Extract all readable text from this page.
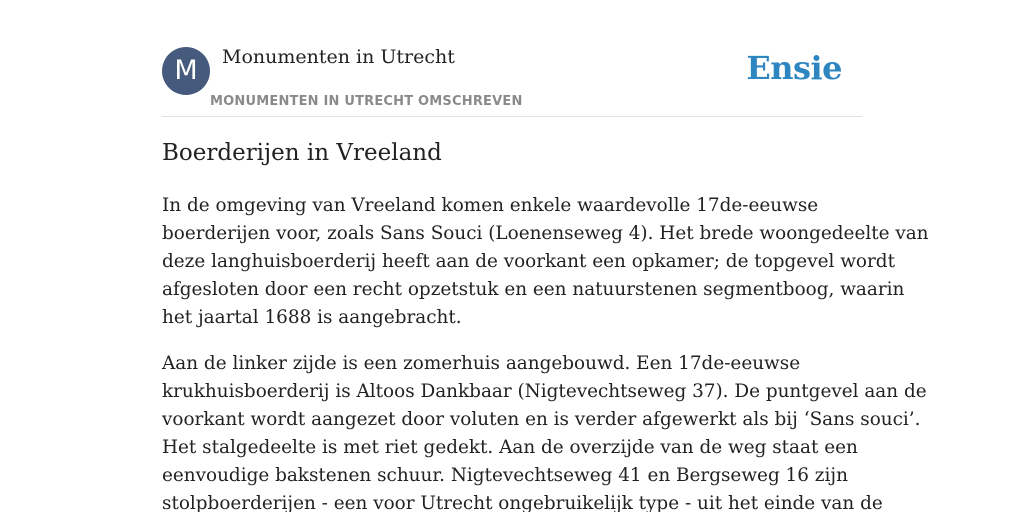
M	Monumenten in Utrecht
MONUMENTEN IN UTRECHT OMSCHREVEN
Ensie
Boerderijen in Vreeland

In de omgeving van Vreeland komen enkele waardevolle 17de-eeuwse
boerderijen voor, zoals Sans Souci (Loenenseweg 4). Het brede woongedeelte van
deze langhuisboerderij heeft aan de voorkant een opkamer; de topgevel wordt
afgesloten door een recht opzetstuk en een natuurstenen segmentboog, waarin
het jaartal 1688 is aangebracht.

Aan de linker zijde is een zomerhuis aangebouwd. Een 17de-eeuwse
krukhuisboerderij is Altoos Dankbaar (Nigtevechtseweg 37). De puntgevel aan de
voorkant wordt aangezet door voluten en is verder afgewerkt als bij ‘Sans souci’.
Het stalgedeelte is met riet gedekt. Aan de overzijde van de weg staat een
eenvoudige bakstenen schuur. Nigtevechtseweg 41 en Bergseweg 16 zijn
stolpboerderijen - een voor Utrecht ongebruikelijk type - uit het einde van de
